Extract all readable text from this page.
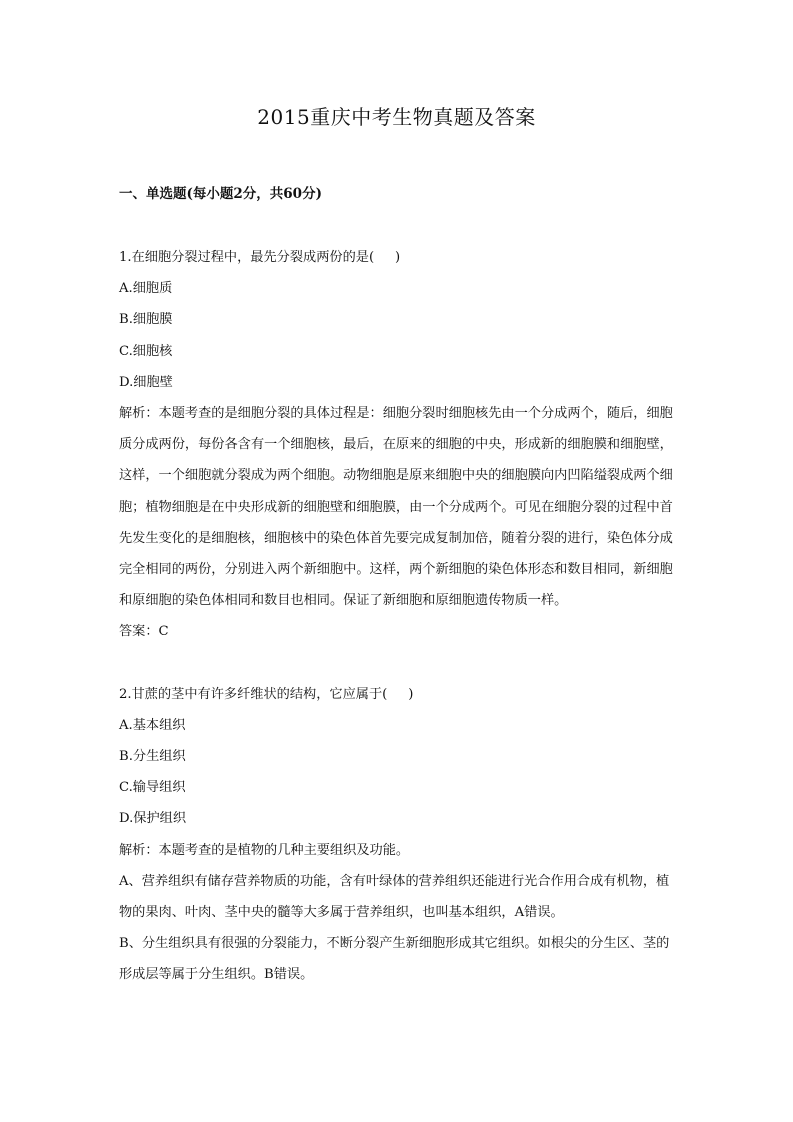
2015重庆中考生物真题及答案
一、单选题(每小题2分，共60分)
1.在细胞分裂过程中，最先分裂成两份的是(     )
A.细胞质
B.细胞膜
C.细胞核
D.细胞壁
解析：本题考查的是细胞分裂的具体过程是：细胞分裂时细胞核先由一个分成两个，随后，细胞质分成两份，每份各含有一个细胞核，最后，在原来的细胞的中央，形成新的细胞膜和细胞壁，这样，一个细胞就分裂成为两个细胞。动物细胞是原来细胞中央的细胞膜向内凹陷缢裂成两个细胞；植物细胞是在中央形成新的细胞壁和细胞膜，由一个分成两个。可见在细胞分裂的过程中首先发生变化的是细胞核，细胞核中的染色体首先要完成复制加倍，随着分裂的进行，染色体分成完全相同的两份，分别进入两个新细胞中。这样，两个新细胞的染色体形态和数目相同，新细胞和原细胞的染色体相同和数目也相同。保证了新细胞和原细胞遗传物质一样。
答案：C
2.甘蔗的茎中有许多纤维状的结构，它应属于(     )
A.基本组织
B.分生组织
C.输导组织
D.保护组织
解析：本题考查的是植物的几种主要组织及功能。
A、营养组织有储存营养物质的功能，含有叶绿体的营养组织还能进行光合作用合成有机物，植物的果肉、叶肉、茎中央的髓等大多属于营养组织，也叫基本组织，A错误。
B、分生组织具有很强的分裂能力，不断分裂产生新细胞形成其它组织。如根尖的分生区、茎的形成层等属于分生组织。B错误。
